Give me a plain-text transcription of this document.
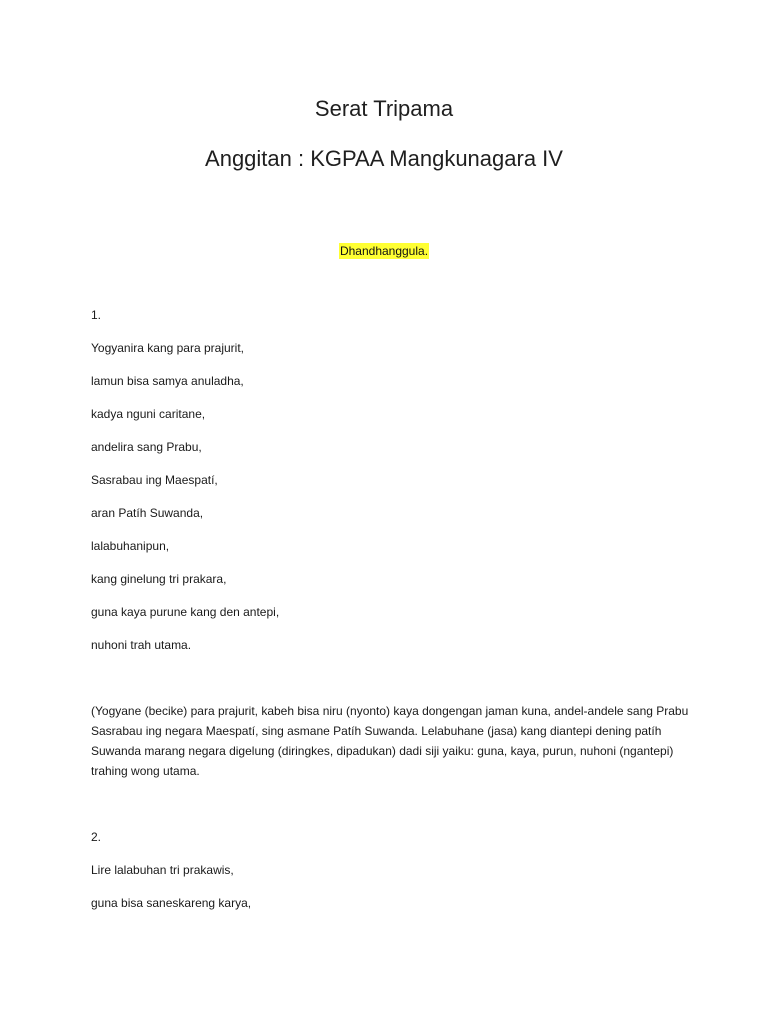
Serat Tripama
Anggitan : KGPAA Mangkunagara IV
Dhandhanggula.
1.
Yogyanira kang para prajurit,
lamun bisa samya anuladha,
kadya nguni caritane,
andelira sang Prabu,
Sasrabau ing Maespatí,
aran Patíh Suwanda,
lalabuhanipun,
kang ginelung tri prakara,
guna kaya purune kang den antepi,
nuhoni trah utama.
(Yogyane (becike) para prajurit, kabeh bisa niru (nyonto) kaya dongengan jaman kuna, andel-andele sang Prabu Sasrabau ing negara Maespatí, sing asmane Patíh Suwanda. Lelabuhane (jasa) kang diantepi dening patíh Suwanda marang negara digelung (diringkes, dipadukan) dadi siji yaiku: guna, kaya, purun, nuhoni (ngantepi) trahing wong utama.
2.
Lire lalabuhan tri prakawis,
guna bisa saneskareng karya,
